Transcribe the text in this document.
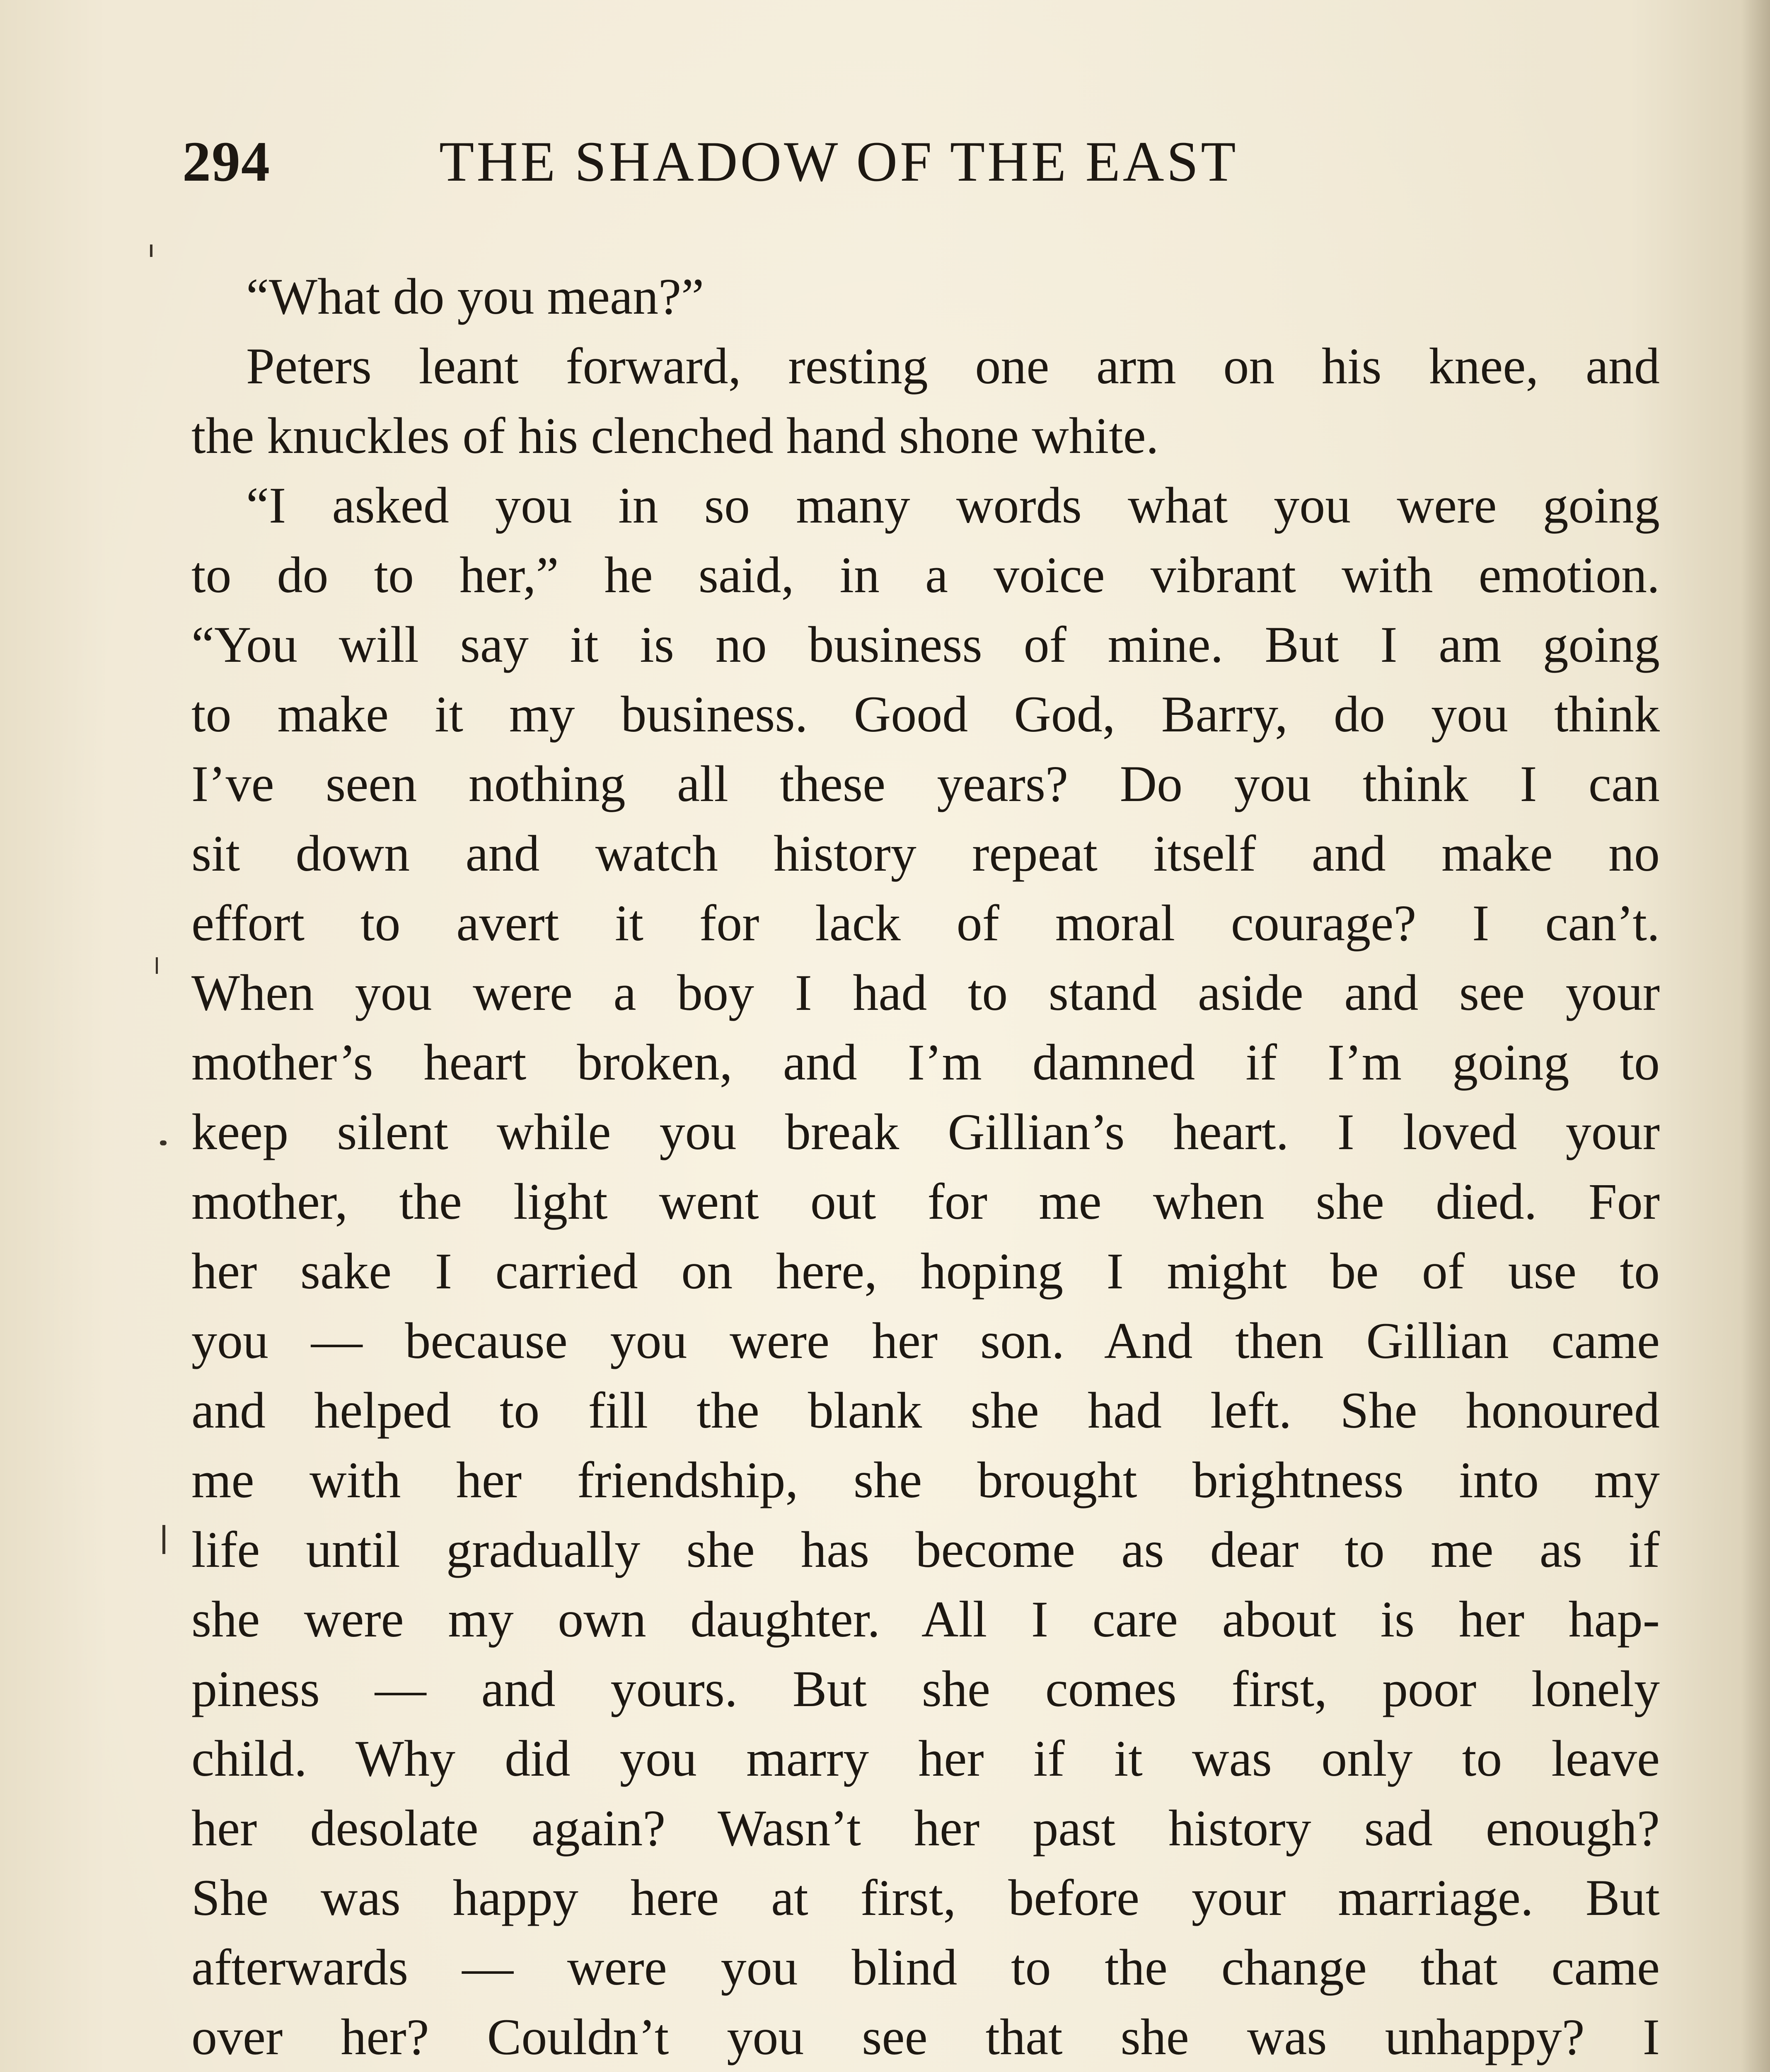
294	THE SHADOW OF THE EAST
“What do you mean?”
Peters leant forward, resting one arm on his knee, and
the knuckles of his clenched hand shone white.
“I asked you in so many words what you were going
to do to her,” he said, in a voice vibrant with emotion.
“You will say it is no business of mine. But I am going
to make it my business. Good God, Barry, do you think
I’ve seen nothing all these years? Do you think I can
sit down and watch history repeat itself and make no
effort to avert it for lack of moral courage? I can’t.
When you were a boy I had to stand aside and see your
mother’s heart broken, and I’m damned if I’m going to
keep silent while you break Gillian’s heart. I loved your
mother, the light went out for me when she died. For
her sake I carried on here, hoping I might be of use to
you — because you were her son. And then Gillian came
and helped to fill the blank she had left. She honoured
me with her friendship, she brought brightness into my
life until gradually she has become as dear to me as if
she were my own daughter. All I care about is her hap-
piness — and yours. But she comes first, poor lonely
child. Why did you marry her if it was only to leave
her desolate again? Wasn’t her past history sad enough?
She was happy here at first, before your marriage. But
afterwards — were you blind to the change that came
over her? Couldn’t you see that she was unhappy? I
